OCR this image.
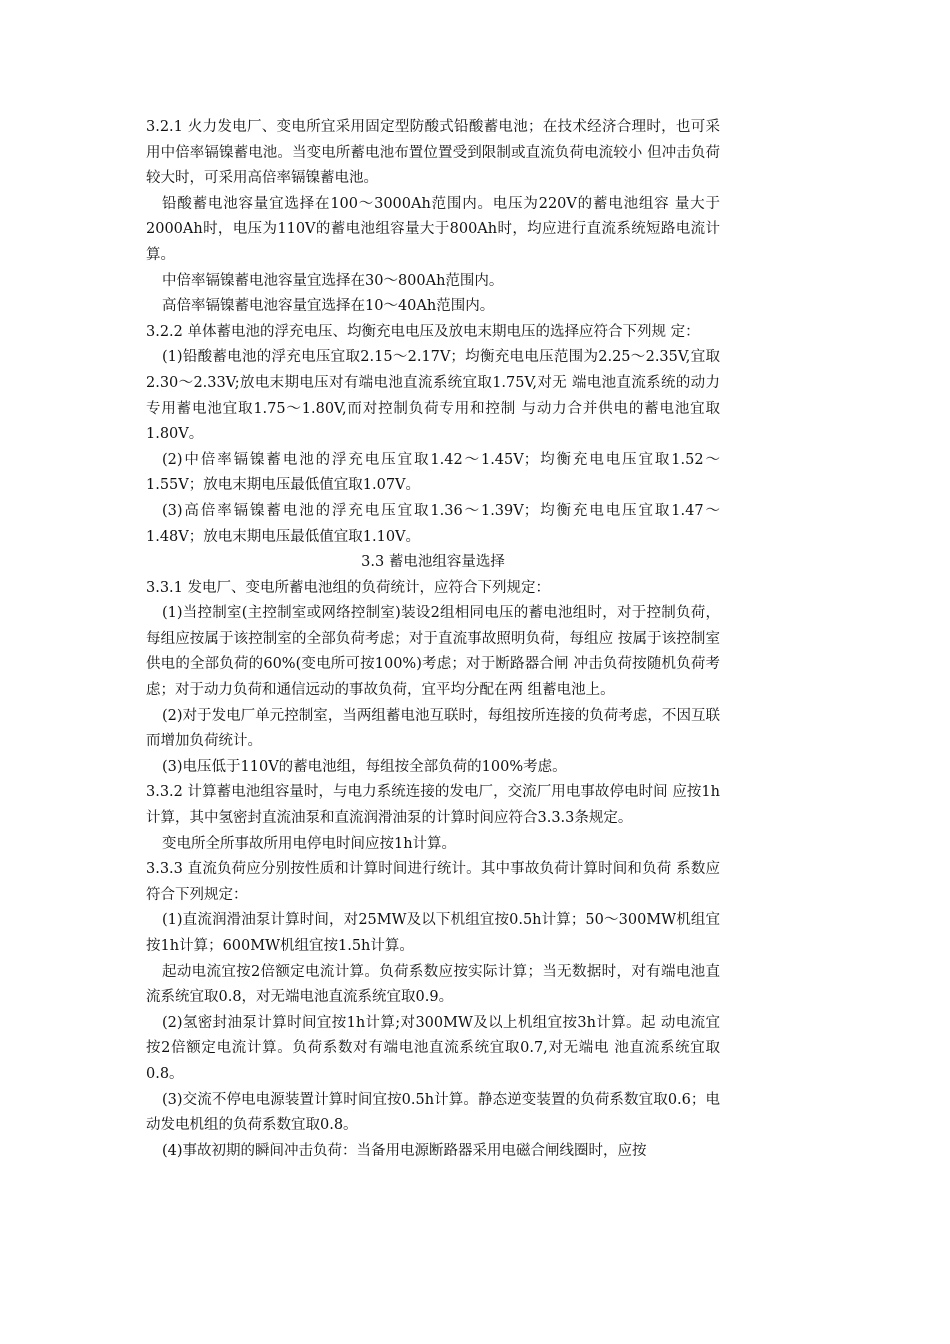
3.2.1 火力发电厂、变电所宜采用固定型防酸式铅酸蓄电池；在技术经济合理时，也可采用中倍率镉镍蓄电池。当变电所蓄电池布置位置受到限制或直流负荷电流较小 但冲击负荷较大时，可采用高倍率镉镍蓄电池。

铅酸蓄电池容量宜选择在100～3000Ah范围内。电压为220V的蓄电池组容 量大于2000Ah时，电压为110V的蓄电池组容量大于800Ah时，均应进行直流系统短路电流计算。

中倍率镉镍蓄电池容量宜选择在30～800Ah范围内。

高倍率镉镍蓄电池容量宜选择在10～40Ah范围内。

3.2.2 单体蓄电池的浮充电压、均衡充电电压及放电末期电压的选择应符合下列规 定：

(1)铅酸蓄电池的浮充电压宜取2.15～2.17V；均衡充电电压范围为2.25～2.35V,宜取2.30～2.33V;放电末期电压对有端电池直流系统宜取1.75V,对无 端电池直流系统的动力专用蓄电池宜取1.75～1.80V,而对控制负荷专用和控制 与动力合并供电的蓄电池宜取1.80V。

(2)中倍率镉镍蓄电池的浮充电压宜取1.42～1.45V；均衡充电电压宜取1.52～1.55V；放电末期电压最低值宜取1.07V。

(3)高倍率镉镍蓄电池的浮充电压宜取1.36～1.39V；均衡充电电压宜取1.47～1.48V；放电末期电压最低值宜取1.10V。

3.3 蓄电池组容量选择

3.3.1 发电厂、变电所蓄电池组的负荷统计，应符合下列规定：

(1)当控制室(主控制室或网络控制室)装设2组相同电压的蓄电池组时，对于控制负荷，每组应按属于该控制室的全部负荷考虑；对于直流事故照明负荷，每组应 按属于该控制室供电的全部负荷的60%(变电所可按100%)考虑；对于断路器合闸 冲击负荷按随机负荷考虑；对于动力负荷和通信远动的事故负荷，宜平均分配在两 组蓄电池上。

(2)对于发电厂单元控制室，当两组蓄电池互联时，每组按所连接的负荷考虑，不因互联而增加负荷统计。

(3)电压低于110V的蓄电池组，每组按全部负荷的100%考虑。

3.3.2 计算蓄电池组容量时，与电力系统连接的发电厂，交流厂用电事故停电时间 应按1h计算，其中氢密封直流油泵和直流润滑油泵的计算时间应符合3.3.3条规定。

变电所全所事故所用电停电时间应按1h计算。

3.3.3 直流负荷应分别按性质和计算时间进行统计。其中事故负荷计算时间和负荷 系数应符合下列规定：

(1)直流润滑油泵计算时间，对25MW及以下机组宜按0.5h计算；50～300MW机组宜按1h计算；600MW机组宜按1.5h计算。

起动电流宜按2倍额定电流计算。负荷系数应按实际计算；当无数据时，对有端电池直流系统宜取0.8，对无端电池直流系统宜取0.9。

(2)氢密封油泵计算时间宜按1h计算;对300MW及以上机组宜按3h计算。起 动电流宜按2倍额定电流计算。负荷系数对有端电池直流系统宜取0.7,对无端电 池直流系统宜取0.8。

(3)交流不停电电源装置计算时间宜按0.5h计算。静态逆变装置的负荷系数宜取0.6；电动发电机组的负荷系数宜取0.8。

(4)事故初期的瞬间冲击负荷：当备用电源断路器采用电磁合闸线圈时，应按
